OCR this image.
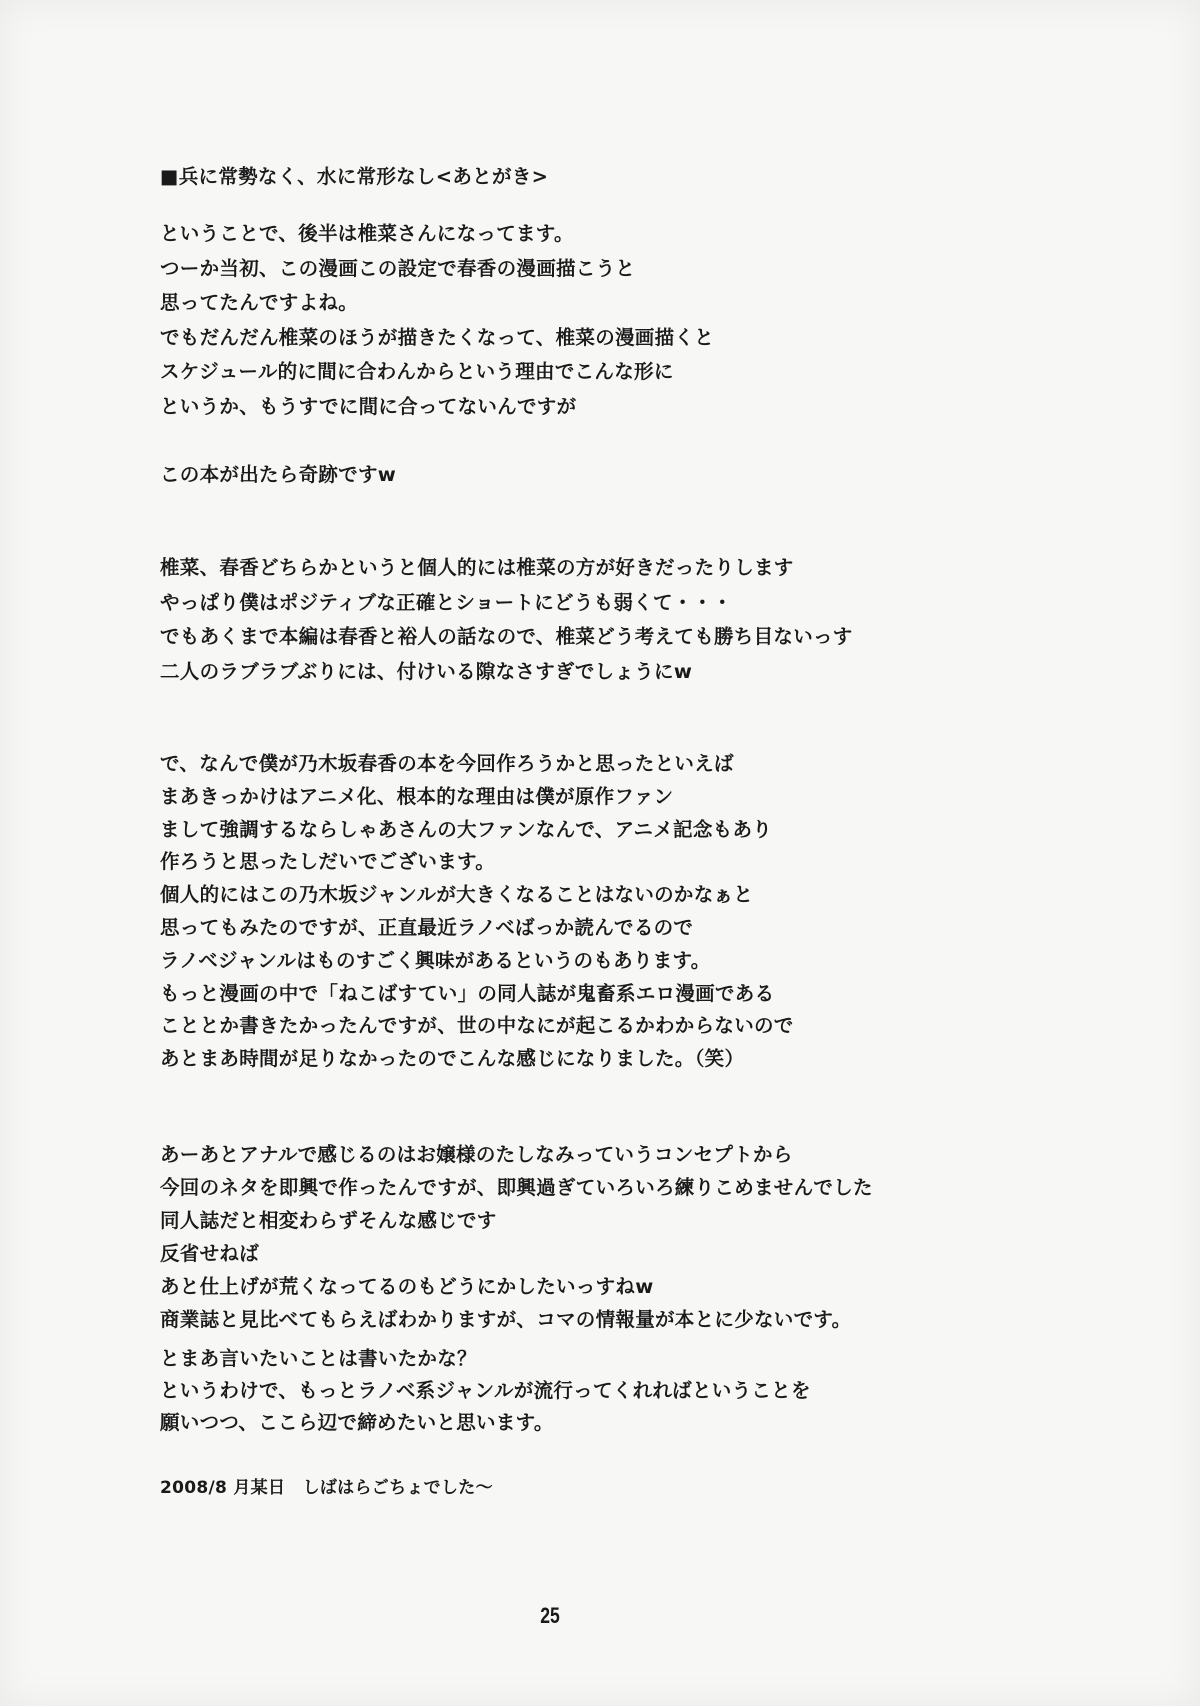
■兵に常勢なく、水に常形なし<あとがき>
ということで、後半は椎菜さんになってます。
つーか当初、この漫画この設定で春香の漫画描こうと
思ってたんですよね。
でもだんだん椎菜のほうが描きたくなって、椎菜の漫画描くと
スケジュール的に間に合わんからという理由でこんな形に
というか、もうすでに間に合ってないんですが
この本が出たら奇跡ですw
椎菜、春香どちらかというと個人的には椎菜の方が好きだったりします
やっぱり僕はポジティブな正確とショートにどうも弱くて・・・
でもあくまで本編は春香と裕人の話なので、椎菜どう考えても勝ち目ないっす
二人のラブラブぶりには、付けいる隙なさすぎでしょうにw
で、なんで僕が乃木坂春香の本を今回作ろうかと思ったといえば
まあきっかけはアニメ化、根本的な理由は僕が原作ファン
まして強調するならしゃあさんの大ファンなんで、アニメ記念もあり
作ろうと思ったしだいでございます。
個人的にはこの乃木坂ジャンルが大きくなることはないのかなぁと
思ってもみたのですが、正直最近ラノベばっか読んでるので
ラノベジャンルはものすごく興味があるというのもあります。
もっと漫画の中で「ねこばすてい」の同人誌が鬼畜系エロ漫画である
こととか書きたかったんですが、世の中なにが起こるかわからないので
あとまあ時間が足りなかったのでこんな感じになりました。（笑）
あーあとアナルで感じるのはお嬢様のたしなみっていうコンセプトから
今回のネタを即興で作ったんですが、即興過ぎていろいろ練りこめませんでした
同人誌だと相変わらずそんな感じです
反省せねば
あと仕上げが荒くなってるのもどうにかしたいっすねw
商業誌と見比べてもらえばわかりますが、コマの情報量が本とに少ないです。
とまあ言いたいことは書いたかな？
というわけで、もっとラノベ系ジャンルが流行ってくれればということを
願いつつ、ここら辺で締めたいと思います。
2008/8 月某日　しばはらごちょでした～
25
